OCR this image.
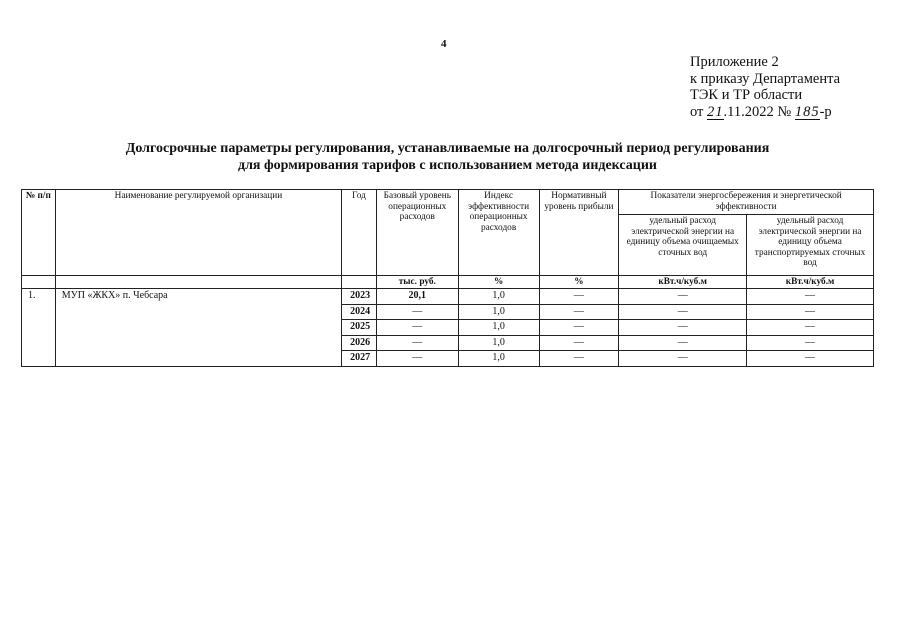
4
Приложение 2
к приказу Департамента
ТЭК и ТР области
от 21.11.2022 № 185-р
Долгосрочные параметры регулирования, устанавливаемые на долгосрочный период регулирования
для формирования тарифов с использованием метода индексации
№ п/п	Наименование регулируемой организации	Год	Базовый уровень операционных расходов	Индекс эффективности операционных расходов	Нормативный уровень прибыли	Показатели энергосбережения и энергетической эффективности	
						удельный расход электрической энергии на единицу объема очищаемых сточных вод	удельный расход электрической энергии на единицу объема транспортируемых сточных вод
			тыс. руб.	%	%	кВт.ч/куб.м	кВт.ч/куб.м
1.	МУП «ЖКХ» п. Чебсара	2023	20,1	1,0	—	—	—
		2024	—	1,0	—	—	—
		2025	—	1,0	—	—	—
		2026	—	1,0	—	—	—
		2027	—	1,0	—	—	—
